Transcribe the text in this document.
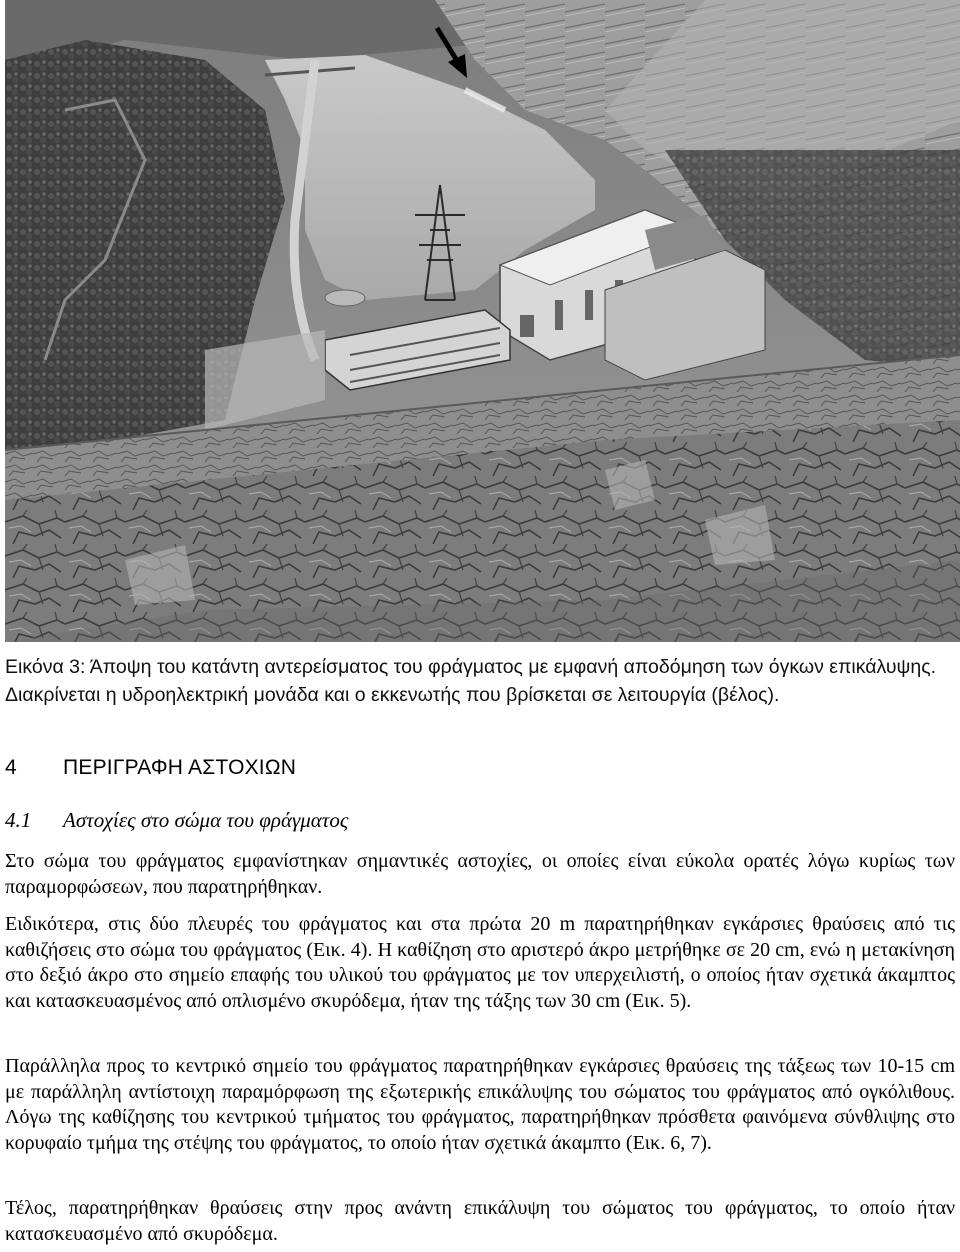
Εικόνα 3: Άποψη του κατάντη αντερείσματος του φράγματος με εμφανή αποδόμηση των όγκων επικάλυψης.
Διακρίνεται η υδροηλεκτρική μονάδα και ο εκκενωτής που βρίσκεται σε λειτουργία (βέλος).
4 ΠΕΡΙΓΡΑΦΗ ΑΣΤΟΧΙΩΝ
4.1 Αστοχίες στο σώμα του φράγματος
Στο σώμα του φράγματος εμφανίστηκαν σημαντικές αστοχίες, οι οποίες είναι εύκολα ορατές λόγω κυρίως των παραμορφώσεων, που παρατηρήθηκαν.
Ειδικότερα, στις δύο πλευρές του φράγματος και στα πρώτα 20 m παρατηρήθηκαν εγκάρσιες θραύσεις από τις καθιζήσεις στο σώμα του φράγματος (Εικ. 4). Η καθίζηση στο αριστερό άκρο μετρήθηκε σε 20 cm, ενώ η μετακίνηση στο δεξιό άκρο στο σημείο επαφής του υλικού του φράγματος με τον υπερχειλιστή, ο οποίος ήταν σχετικά άκαμπτος και κατασκευασμένος από οπλισμένο σκυρόδεμα, ήταν της τάξης των 30 cm (Εικ. 5).
Παράλληλα προς το κεντρικό σημείο του φράγματος παρατηρήθηκαν εγκάρσιες θραύσεις της τάξεως των 10-15 cm με παράλληλη αντίστοιχη παραμόρφωση της εξωτερικής επικάλυψης του σώματος του φράγματος από ογκόλιθους. Λόγω της καθίζησης του κεντρικού τμήματος του φράγματος, παρατηρήθηκαν πρόσθετα φαινόμενα σύνθλιψης στο κορυφαίο τμήμα της στέψης του φράγματος, το οποίο ήταν σχετικά άκαμπτο (Εικ. 6, 7).
Τέλος, παρατηρήθηκαν θραύσεις στην προς ανάντη επικάλυψη του σώματος του φράγματος, το οποίο ήταν κατασκευασμένο από σκυρόδεμα.
